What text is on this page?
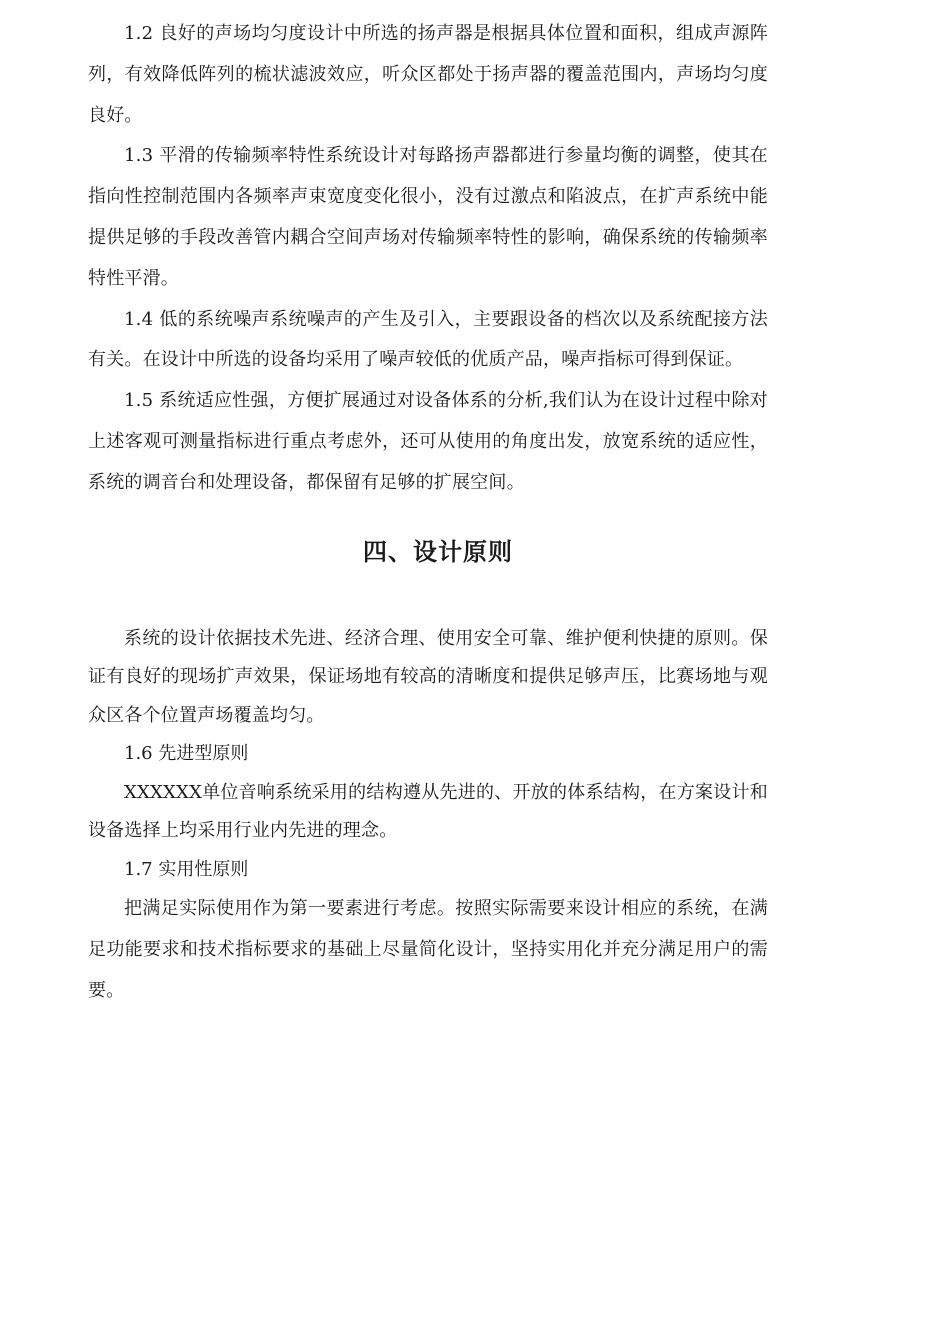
1.2 良好的声场均匀度设计中所选的扬声器是根据具体位置和面积，组成声源阵列，有效降低阵列的梳状滤波效应，听众区都处于扬声器的覆盖范围内，声场均匀度良好。

1.3 平滑的传输频率特性系统设计对每路扬声器都进行参量均衡的调整，使其在指向性控制范围内各频率声束宽度变化很小，没有过激点和陷波点，在扩声系统中能提供足够的手段改善管内耦合空间声场对传输频率特性的影响，确保系统的传输频率特性平滑。

1.4 低的系统噪声系统噪声的产生及引入，主要跟设备的档次以及系统配接方法有关。在设计中所选的设备均采用了噪声较低的优质产品，噪声指标可得到保证。

1.5 系统适应性强，方便扩展通过对设备体系的分析,我们认为在设计过程中除对上述客观可测量指标进行重点考虑外，还可从使用的角度出发，放宽系统的适应性，系统的调音台和处理设备，都保留有足够的扩展空间。

四、设计原则

系统的设计依据技术先进、经济合理、使用安全可靠、维护便利快捷的原则。保证有良好的现场扩声效果，保证场地有较高的清晰度和提供足够声压，比赛场地与观众区各个位置声场覆盖均匀。

1.6 先进型原则

XXXXXX单位音响系统采用的结构遵从先进的、开放的体系结构，在方案设计和设备选择上均采用行业内先进的理念。

1.7 实用性原则

把满足实际使用作为第一要素进行考虑。按照实际需要来设计相应的系统，在满足功能要求和技术指标要求的基础上尽量简化设计，坚持实用化并充分满足用户的需要。
